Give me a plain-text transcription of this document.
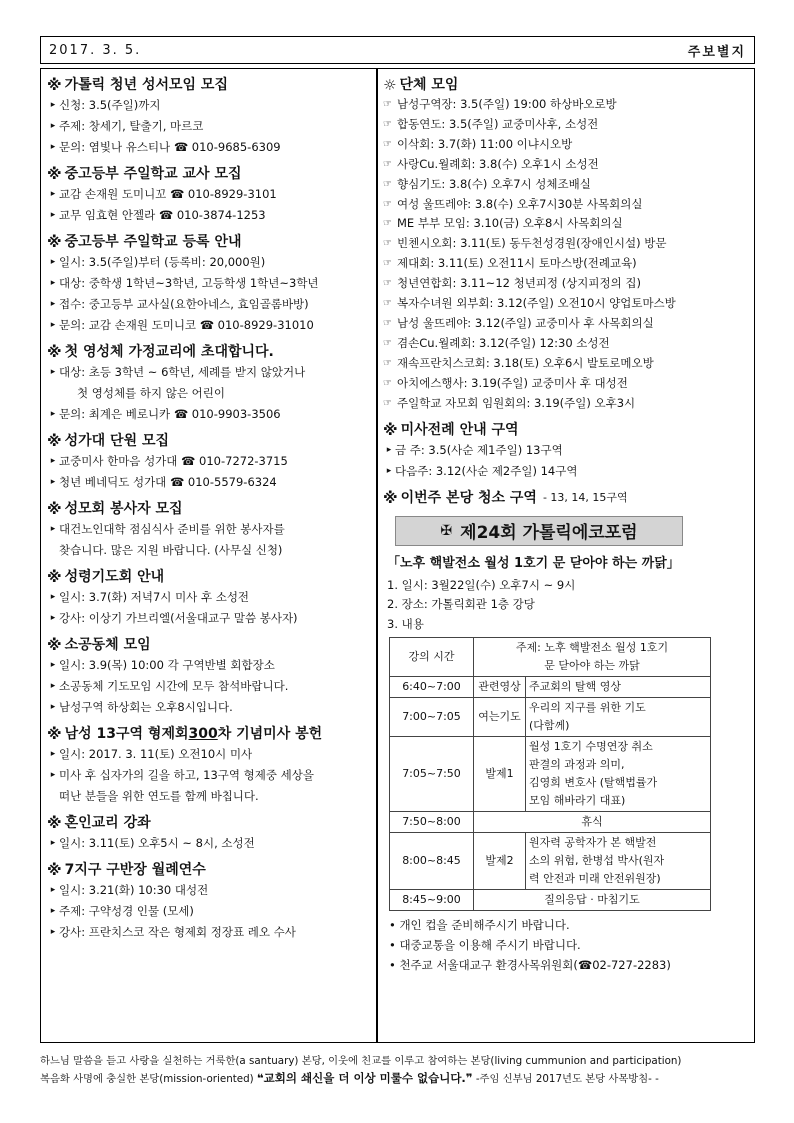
2017. 3. 5.	주보별지
※ 가톨릭 청년 성서모임 모집
▸ 신청: 3.5(주일)까지
▸ 주제: 창세기, 탈출기, 마르코
▸ 문의: 염빛나 유스티나 ☎ 010-9685-6309
※ 중고등부 주일학교 교사 모집
▸ 교감 손재원 도미니꼬 ☎ 010-8929-3101
▸ 교무 임효현 안젤라 ☎ 010-3874-1253
※ 중고등부 주일학교 등록 안내
▸ 일시: 3.5(주일)부터 (등록비: 20,000원)
▸ 대상: 중학생 1학년~3학년, 고등학생 1학년~3학년
▸ 접수: 중고등부 교사실(요한아네스, 효임골롬바방)
▸ 문의: 교감 손재원 도미니코 ☎ 010-8929-31010
※ 첫 영성체 가정교리에 초대합니다.
▸ 대상: 초등 3학년 ~ 6학년, 세례를 받지 않았거나
첫 영성체를 하지 않은 어린이
▸ 문의: 최계은 베로니카 ☎ 010-9903-3506
※ 성가대 단원 모집
▸ 교중미사 한마음 성가대 ☎ 010-7272-3715
▸ 청년 베네딕도 성가대 ☎ 010-5579-6324
※ 성모회 봉사자 모집
▸ 대건노인대학 점심식사 준비를 위한 봉사자를
찾습니다. 많은 지원 바랍니다. (사무실 신청)
※ 성령기도회 안내
▸ 일시: 3.7(화) 저녁7시 미사 후 소성전
▸ 강사: 이상기 가브리엘(서울대교구 말씀 봉사자)
※ 소공동체 모임
▸ 일시: 3.9(목) 10:00 각 구역반별 회합장소
▸ 소공동체 기도모임 시간에 모두 참석바랍니다.
▸ 남성구역 하상회는 오후8시입니다.
※ 남성 13구역 형제회 300 차 기념미사 봉헌
▸ 일시: 2017. 3. 11(토) 오전10시 미사
▸ 미사 후 십자가의 길을 하고, 13구역 형제중 세상을
떠난 분들을 위한 연도를 함께 바칩니다.
※ 혼인교리 강좌
▸ 일시: 3.11(토) 오후5시 ~ 8시, 소성전
※ 7지구 구반장 월례연수
▸ 일시: 3.21(화) 10:30 대성전
▸ 주제: 구약성경 인물 (모세)
▸ 강사: 프란치스코 작은 형제회 정장표 레오 수사
☼ 단체 모임
☞ 남성구역장: 3.5(주일) 19:00 하상바오로방
☞ 합동연도: 3.5(주일) 교중미사후, 소성전
☞ 이삭회: 3.7(화) 11:00 이냐시오방
☞ 사랑Cu.월례회: 3.8(수) 오후1시 소성전
☞ 향심기도: 3.8(수) 오후7시 성체조배실
☞ 여성 울뜨레야: 3.8(수) 오후7시30분 사목회의실
☞ ME 부부 모임: 3.10(금) 오후8시 사목회의실
☞ 빈첸시오회: 3.11(토) 동두천성경원(장애인시설) 방문
☞ 제대회: 3.11(토) 오전11시 토마스방(전례교육)
☞ 청년연합회: 3.11~12 청년피정 (상지피정의 집)
☞ 복자수녀원 외부회: 3.12(주일) 오전10시 양업토마스방
☞ 남성 울뜨레야: 3.12(주일) 교중미사 후 사목회의실
☞ 겸손Cu.월례회: 3.12(주일) 12:30 소성전
☞ 재속프란치스코회: 3.18(토) 오후6시 발토로메오방
☞ 아치에스행사: 3.19(주일) 교중미사 후 대성전
☞ 주일학교 자모회 임원회의: 3.19(주일) 오후3시
※ 미사전례 안내 구역
▸ 금 주: 3.5(사순 제1주일) 13구역
▸ 다음주: 3.12(사순 제2주일) 14구역
※ 이번주 본당 청소 구역 - 13, 14, 15구역
✠ 제24회 가톨릭에코포럼
「노후 핵발전소 월성 1호기 문 닫아야 하는 까닭」
1. 일시: 3월22일(수) 오후7시 ~ 9시
2. 장소: 가톨릭회관 1층 강당
3. 내용
강의 시간	주제: 노후 핵발전소 월성 1호기
문 닫아야 하는 까닭	

6:40~7:00	관련영상	주교회의 탈핵 영상
7:00~7:05	여는기도	우리의 지구를 위한 기도
(다함께)

7:05~7:50	발제1	월성 1호기 수명연장 취소
판결의 과정과 의미,
김영희 변호사 (탈핵법률가
모임 해바라기 대표)

7:50~8:00	휴식	
8:00~8:45	발제2	원자력 공학자가 본 핵발전
소의 위험, 한병섭 박사(원자
력 안전과 미래 안전위원장)

8:45~9:00	질의응답 · 마침기도	
• 개인 컵을 준비해주시기 바랍니다.
• 대중교통을 이용해 주시기 바랍니다.
• 천주교 서울대교구 환경사목위원회(☎02-727-2283)
하느님 말씀을 듣고 사랑을 실천하는 거룩한(a santuary) 본당, 이웃에 친교를 이루고 참여하는 본당(living cummunion and participation)
복음화 사명에 충실한 본당(mission-oriented) ❝교회의 쇄신을 더 이상 미룰수 없습니다.❞ -주임 신부님 2017년도 본당 사목방침- -
